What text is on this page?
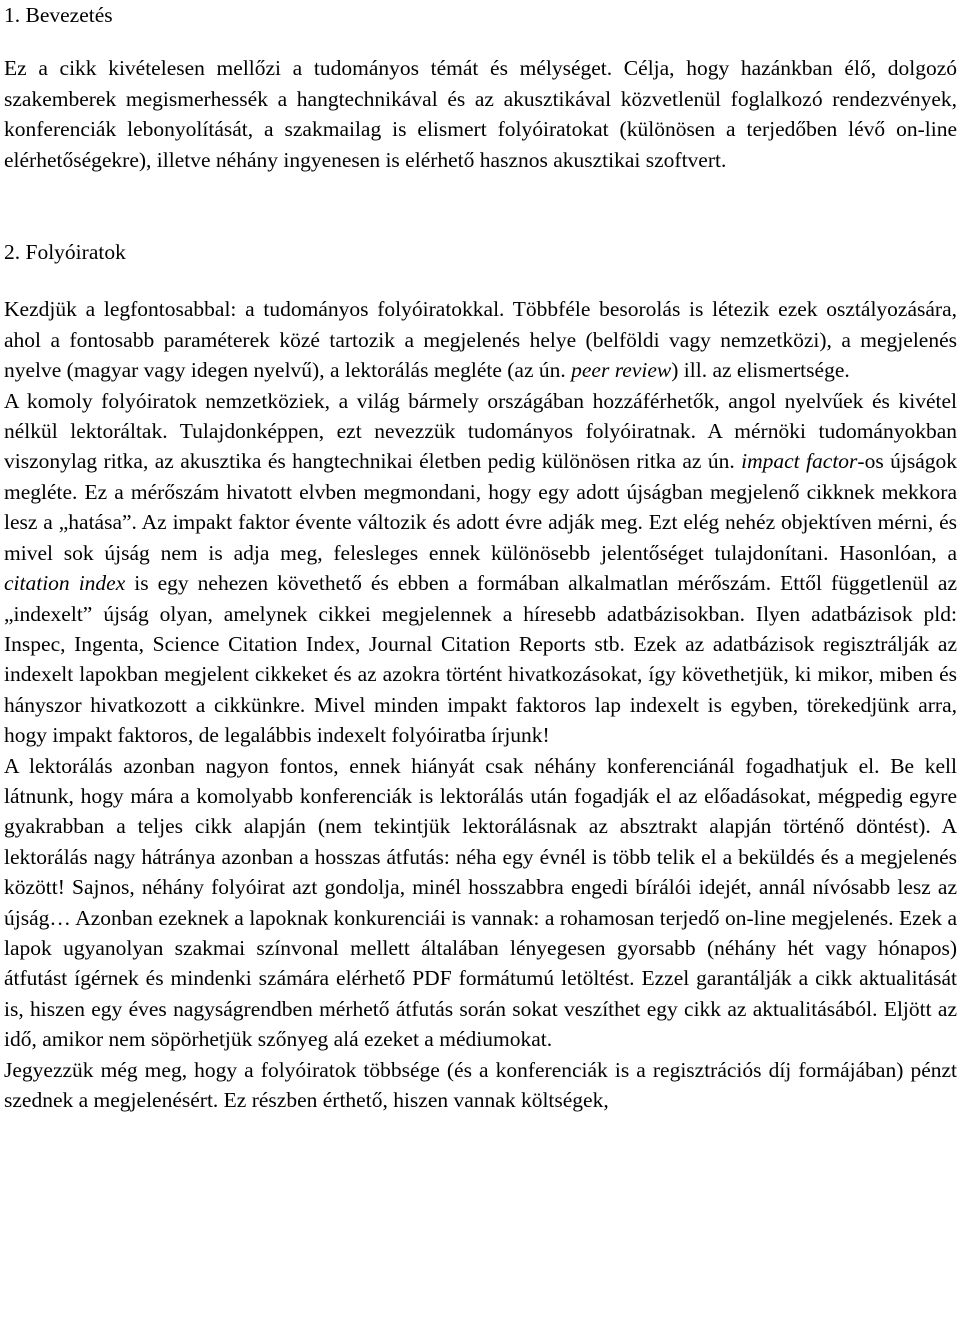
1. Bevezetés

Ez a cikk kivételesen mellőzi a tudományos témát és mélységet. Célja, hogy hazánkban élő, dolgozó szakemberek megismerhessék a hangtechnikával és az akusztikával közvetlenül foglalkozó rendezvények, konferenciák lebonyolítását, a szakmailag is elismert folyóiratokat (különösen a terjedőben lévő on-line elérhetőségekre), illetve néhány ingyenesen is elérhető hasznos akusztikai szoftvert.

2. Folyóiratok

Kezdjük a legfontosabbal: a tudományos folyóiratokkal. Többféle besorolás is létezik ezek osztályozására, ahol a fontosabb paraméterek közé tartozik a megjelenés helye (belföldi vagy nemzetközi), a megjelenés nyelve (magyar vagy idegen nyelvű), a lektorálás megléte (az ún. peer review) ill. az elismertsége.

A komoly folyóiratok nemzetköziek, a világ bármely országában hozzáférhetők, angol nyelvűek és kivétel nélkül lektoráltak. Tulajdonképpen, ezt nevezzük tudományos folyóiratnak. A mérnöki tudományokban viszonylag ritka, az akusztika és hangtechnikai életben pedig különösen ritka az ún. impact factor-os újságok megléte. Ez a mérőszám hivatott elvben megmondani, hogy egy adott újságban megjelenő cikknek mekkora lesz a „hatása”. Az impakt faktor évente változik és adott évre adják meg. Ezt elég nehéz objektíven mérni, és mivel sok újság nem is adja meg, felesleges ennek különösebb jelentőséget tulajdonítani. Hasonlóan, a citation index is egy nehezen követhető és ebben a formában alkalmatlan mérőszám. Ettől függetlenül az „indexelt” újság olyan, amelynek cikkei megjelennek a híresebb adatbázisokban. Ilyen adatbázisok pld: Inspec, Ingenta, Science Citation Index, Journal Citation Reports stb. Ezek az adatbázisok regisztrálják az indexelt lapokban megjelent cikkeket és az azokra történt hivatkozásokat, így követhetjük, ki mikor, miben és hányszor hivatkozott a cikkünkre. Mivel minden impakt faktoros lap indexelt is egyben, törekedjünk arra, hogy impakt faktoros, de legalábbis indexelt folyóiratba írjunk!

A lektorálás azonban nagyon fontos, ennek hiányát csak néhány konferenciánál fogadhatjuk el. Be kell látnunk, hogy mára a komolyabb konferenciák is lektorálás után fogadják el az előadásokat, mégpedig egyre gyakrabban a teljes cikk alapján (nem tekintjük lektorálásnak az absztrakt alapján történő döntést). A lektorálás nagy hátránya azonban a hosszas átfutás: néha egy évnél is több telik el a beküldés és a megjelenés között! Sajnos, néhány folyóirat azt gondolja, minél hosszabbra engedi bírálói idejét, annál nívósabb lesz az újság… Azonban ezeknek a lapoknak konkurenciái is vannak: a rohamosan terjedő on-line megjelenés. Ezek a lapok ugyanolyan szakmai színvonal mellett általában lényegesen gyorsabb (néhány hét vagy hónapos) átfutást ígérnek és mindenki számára elérhető PDF formátumú letöltést. Ezzel garantálják a cikk aktualitását is, hiszen egy éves nagyságrendben mérhető átfutás során sokat veszíthet egy cikk az aktualitásából. Eljött az idő, amikor nem söpörhetjük szőnyeg alá ezeket a médiumokat.

Jegyezzük még meg, hogy a folyóiratok többsége (és a konferenciák is a regisztrációs díj formájában) pénzt szednek a megjelenésért. Ez részben érthető, hiszen vannak költségek,
